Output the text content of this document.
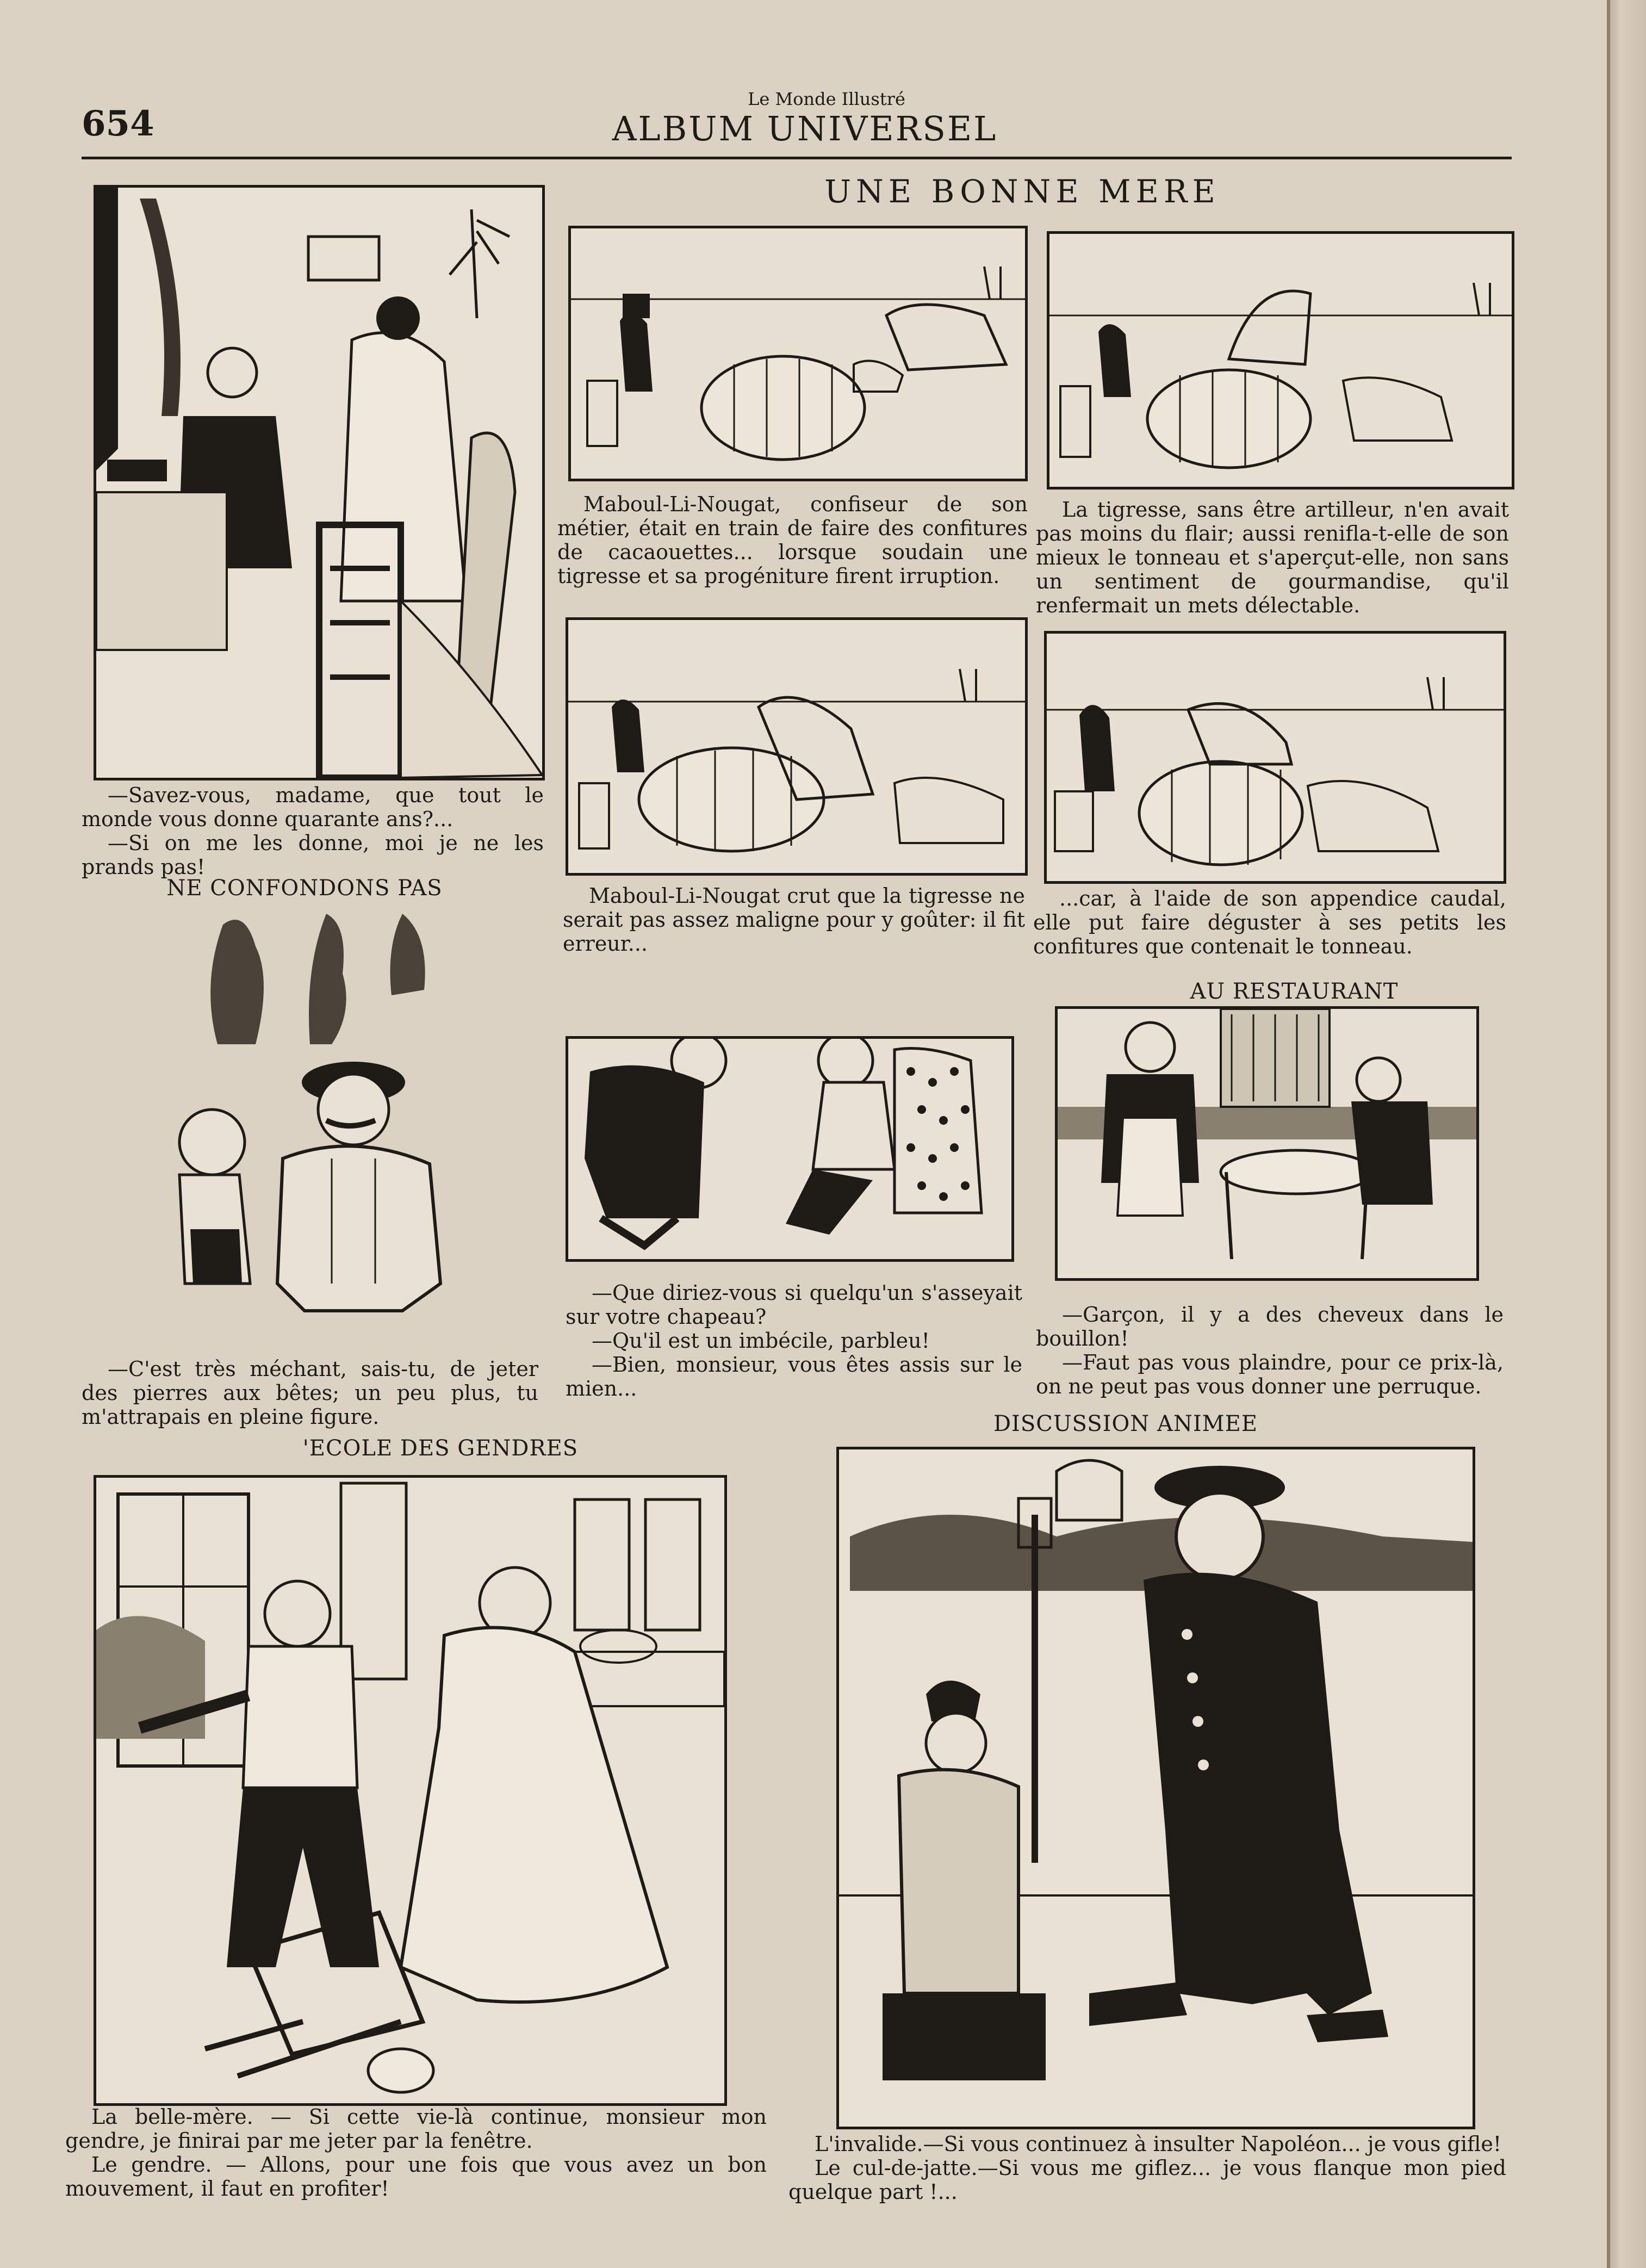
654
Le Monde Illustré
ALBUM UNIVERSEL

—Savez-vous, madame, que tout le monde vous donne quarante ans?...

—Si on me les donne, moi je ne les prands pas!

UNE BONNE MERE

Maboul-Li-Nougat, confiseur de son métier, était en train de faire des confitures de cacaouettes... lorsque soudain une tigresse et sa progéniture firent irruption.

La tigresse, sans être artilleur, n'en avait pas moins du flair; aussi renifla-t-elle de son mieux le tonneau et s'aperçut-elle, non sans un sentiment de gourmandise, qu'il renfermait un mets délectable.

Maboul-Li-Nougat crut que la tigresse ne serait pas assez maligne pour y goûter: il fit erreur...

...car, à l'aide de son appendice caudal, elle put faire déguster à ses petits les confitures que contenait le tonneau.

NE CONFONDONS PAS

—C'est très méchant, sais-tu, de jeter des pierres aux bêtes; un peu plus, tu m'attrapais en pleine figure.

—Que diriez-vous si quelqu'un s'asseyait sur votre chapeau?

—Qu'il est un imbécile, parbleu!

—Bien, monsieur, vous êtes assis sur le mien...

AU RESTAURANT

—Garçon, il y a des cheveux dans le bouillon!

—Faut pas vous plaindre, pour ce prix-là, on ne peut pas vous donner une perruque.

'ECOLE DES GENDRES

La belle-mère. — Si cette vie-là continue, monsieur mon gendre, je finirai par me jeter par la fenêtre.

Le gendre. — Allons, pour une fois que vous avez un bon mouvement, il faut en profiter!

DISCUSSION ANIMEE

L'invalide.—Si vous continuez à insulter Napoléon... je vous gifle!

Le cul-de-jatte.—Si vous me giflez... je vous flanque mon pied quelque part !...
